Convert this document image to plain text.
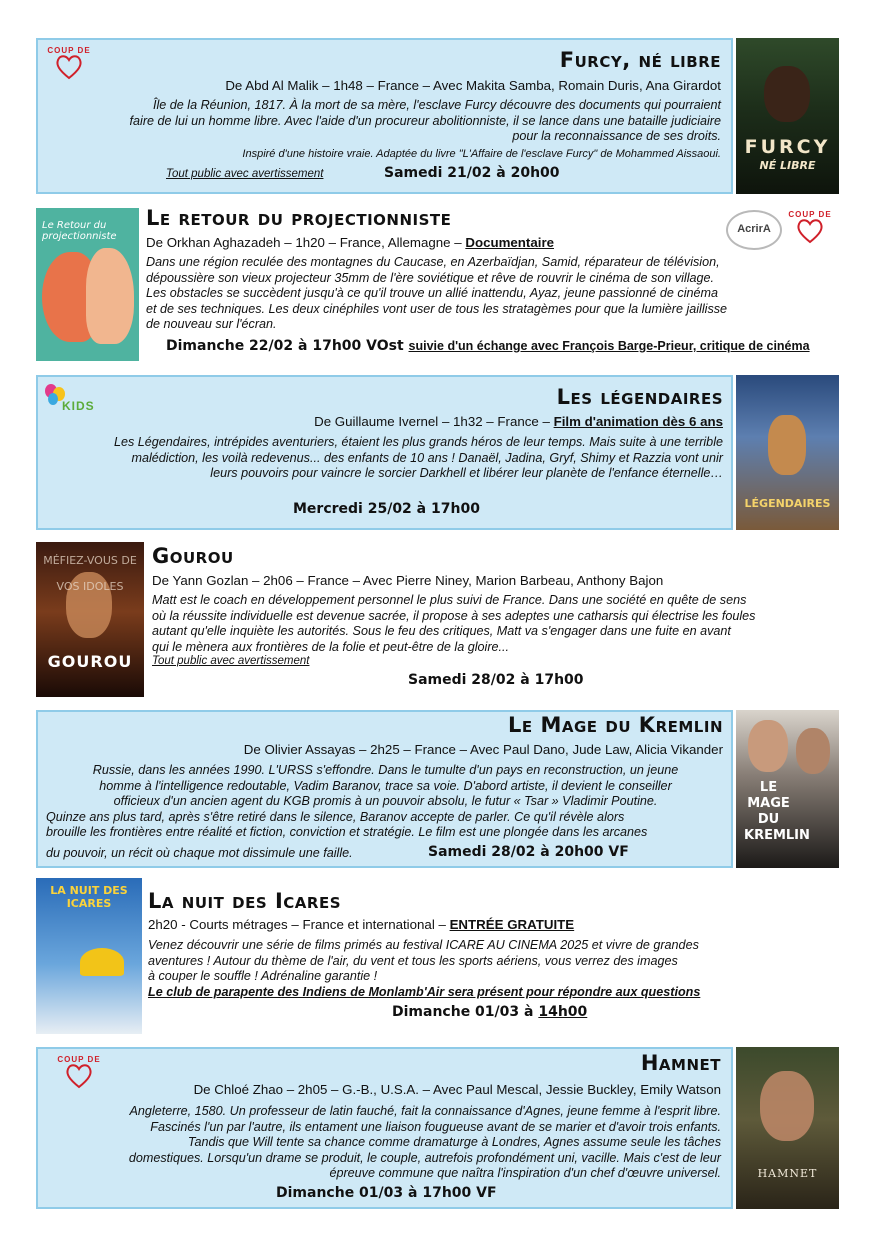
COUP DE	Furcy, né libre
De Abd Al Malik – 1h48 – France – Avec Makita Samba, Romain Duris, Ana Girardot
Île de la Réunion, 1817. À la mort de sa mère, l'esclave Furcy découvre des documents qui pourraient
faire de lui un homme libre. Avec l'aide d'un procureur abolitionniste, il se lance dans une bataille judiciaire
pour la reconnaissance de ses droits.
Inspiré d'une histoire vraie. Adaptée du livre "L'Affaire de l'esclave Furcy" de Mohammed Aissaoui.
Tout public avec avertissement	Samedi 21/02 à 20h00
FURCY
NÉ LIBRE
Le Retour du projectionniste
Le retour du projectionniste
De Orkhan Aghazadeh – 1h20 – France, Allemagne – Documentaire
Dans une région reculée des montagnes du Caucase, en Azerbaïdjan, Samid, réparateur de télévision,
dépoussière son vieux projecteur 35mm de l'ère soviétique et rêve de rouvrir le cinéma de son village.
Les obstacles se succèdent jusqu'à ce qu'il trouve un allié inattendu, Ayaz, jeune passionné de cinéma
et de ses techniques. Les deux cinéphiles vont user de tous les stratagèmes pour que la lumière jaillisse
de nouveau sur l'écran.
Dimanche 22/02 à 17h00 VOst suivie d'un échange avec François Barge-Prieur, critique de cinéma
AcrirA
COUP DE
KIDS	Les légendaires
De Guillaume Ivernel – 1h32 – France – Film d'animation dès 6 ans
Les Légendaires, intrépides aventuriers, étaient les plus grands héros de leur temps. Mais suite à une terrible
malédiction, les voilà redevenus... des enfants de 10 ans ! Danaël, Jadina, Gryf, Shimy et Razzia vont unir
leurs pouvoirs pour vaincre le sorcier Darkhell et libérer leur planète de l'enfance éternelle…
Mercredi 25/02 à 17h00	LÉGENDAIRES
MÉFIEZ-VOUS DE VOS IDOLES
GOUROU
Gourou
De Yann Gozlan – 2h06 – France – Avec Pierre Niney, Marion Barbeau, Anthony Bajon
Matt est le coach en développement personnel le plus suivi de France. Dans une société en quête de sens
où la réussite individuelle est devenue sacrée, il propose à ses adeptes une catharsis qui électrise les foules
autant qu'elle inquiète les autorités. Sous le feu des critiques, Matt va s'engager dans une fuite en avant
qui le mènera aux frontières de la folie et peut-être de la gloire...
Tout public avec avertissement
Samedi 28/02 à 17h00
Le Mage du Kremlin
De Olivier Assayas – 2h25 – France – Avec Paul Dano, Jude Law, Alicia Vikander
Russie, dans les années 1990. L'URSS s'effondre. Dans le tumulte d'un pays en reconstruction, un jeune
homme à l'intelligence redoutable, Vadim Baranov, trace sa voie. D'abord artiste, il devient le conseiller
officieux d'un ancien agent du KGB promis à un pouvoir absolu, le futur « Tsar » Vladimir Poutine.
Quinze ans plus tard, après s'être retiré dans le silence, Baranov accepte de parler. Ce qu'il révèle alors
brouille les frontières entre réalité et fiction, conviction et stratégie. Le film est une plongée dans les arcanes
du pouvoir, un récit où chaque mot dissimule une faille.	Samedi 28/02 à 20h00 VF
LE MAGE DU KREMLIN
LA NUIT DES ICARES	La nuit des Icares
2h20 - Courts métrages – France et international – ENTRÉE GRATUITE
Venez découvrir une série de films primés au festival ICARE AU CINEMA 2025 et vivre de grandes
aventures ! Autour du thème de l'air, du vent et tous les sports aériens, vous verrez des images
à couper le souffle ! Adrénaline garantie !
Le club de parapente des Indiens de Monlamb'Air sera présent pour répondre aux questions
Dimanche 01/03 à 14h00
COUP DE	Hamnet
De Chloé Zhao – 2h05 – G.-B., U.S.A. – Avec Paul Mescal, Jessie Buckley, Emily Watson
Angleterre, 1580. Un professeur de latin fauché, fait la connaissance d'Agnes, jeune femme à l'esprit libre.
Fascinés l'un par l'autre, ils entament une liaison fougueuse avant de se marier et d'avoir trois enfants.
Tandis que Will tente sa chance comme dramaturge à Londres, Agnes assume seule les tâches
domestiques. Lorsqu'un drame se produit, le couple, autrefois profondément uni, vacille. Mais c'est de leur
épreuve commune que naîtra l'inspiration d'un chef d'œuvre universel.
Dimanche 01/03 à 17h00 VF
HAMNET
